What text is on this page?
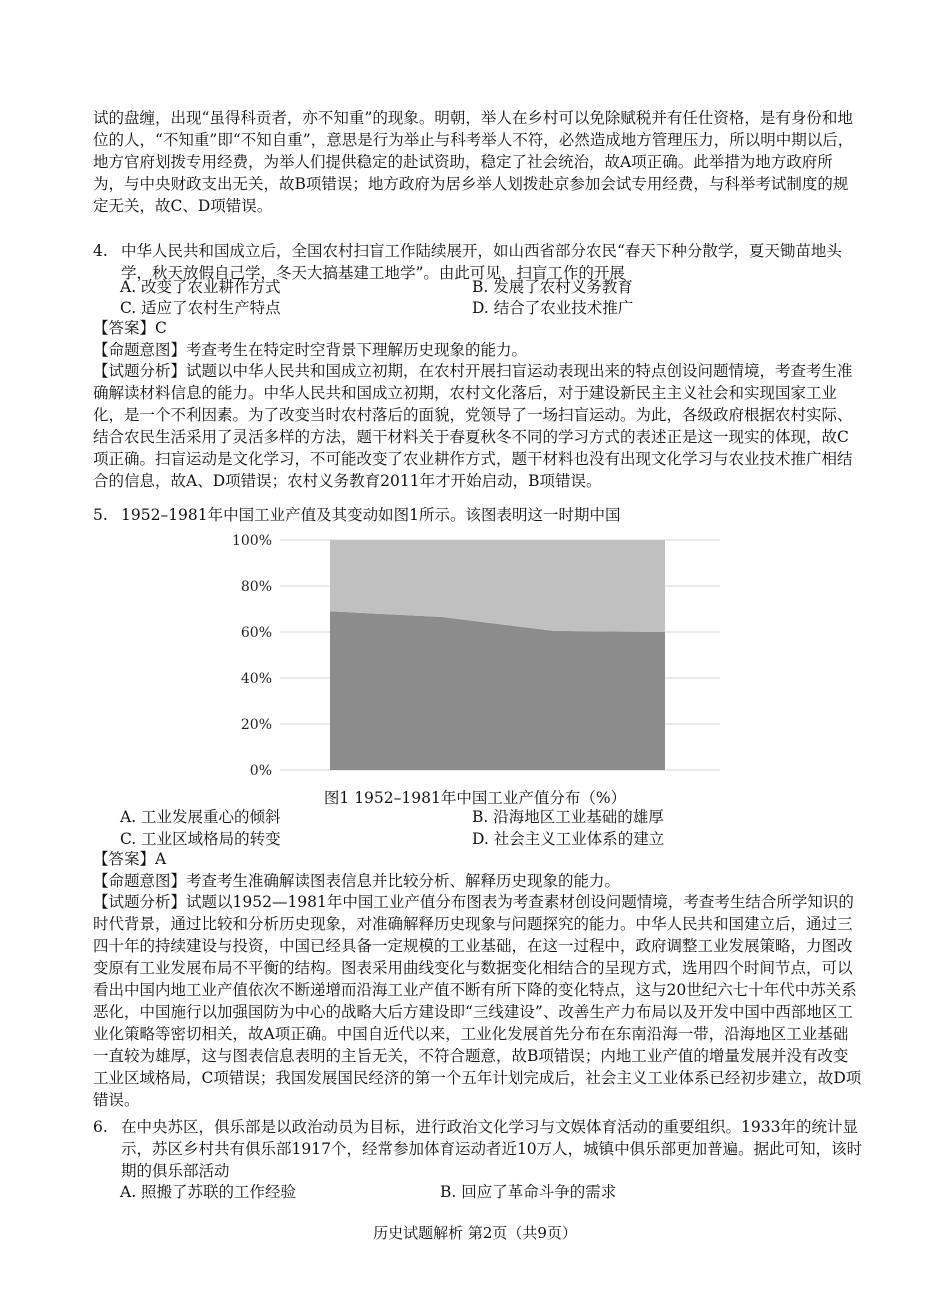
试的盘缠，出现“虽得科贡者，亦不知重”的现象。明朝，举人在乡村可以免除赋税并有任仕资格，是有身份和地位的人，“不知重”即“不知自重”，意思是行为举止与科考举人不符，必然造成地方管理压力，所以明中期以后，地方官府划拨专用经费，为举人们提供稳定的赴试资助，稳定了社会统治，故A项正确。此举措为地方政府所为，与中央财政支出无关，故B项错误；地方政府为居乡举人划拨赴京参加会试专用经费，与科举考试制度的规定无关，故C、D项错误。

4. 中华人民共和国成立后，全国农村扫盲工作陆续展开，如山西省部分农民“春天下种分散学，夏天锄苗地头学，秋天放假自己学，冬天大搞基建工地学”。由此可见，扫盲工作的开展
A. 改变了农业耕作方式	B. 发展了农村义务教育
C. 适应了农村生产特点	D. 结合了农业技术推广
【答案】C
【命题意图】考查考生在特定时空背景下理解历史现象的能力。

【试题分析】试题以中华人民共和国成立初期，在农村开展扫盲运动表现出来的特点创设问题情境，考查考生准确解读材料信息的能力。中华人民共和国成立初期，农村文化落后，对于建设新民主主义社会和实现国家工业化，是一个不利因素。为了改变当时农村落后的面貌，党领导了一场扫盲运动。为此，各级政府根据农村实际、结合农民生活采用了灵活多样的方法，题干材料关于春夏秋冬不同的学习方式的表述正是这一现实的体现，故C项正确。扫盲运动是文化学习，不可能改变了农业耕作方式，题干材料也没有出现文化学习与农业技术推广相结合的信息，故A、D项错误；农村义务教育2011年才开始启动，B项错误。

5. 1952–1981年中国工业产值及其变动如图1所示。该图表明这一时期中国
100%
80%
60%
40%
20%
0%
图1 1952–1981年中国工业产值分布（%）
A. 工业发展重心的倾斜	B. 沿海地区工业基础的雄厚
C. 工业区域格局的转变	D. 社会主义工业体系的建立
【答案】A
【命题意图】考查考生准确解读图表信息并比较分析、解释历史现象的能力。

【试题分析】试题以1952—1981年中国工业产值分布图表为考查素材创设问题情境，考查考生结合所学知识的时代背景，通过比较和分析历史现象，对准确解释历史现象与问题探究的能力。中华人民共和国建立后，通过三四十年的持续建设与投资，中国已经具备一定规模的工业基础，在这一过程中，政府调整工业发展策略，力图改变原有工业发展布局不平衡的结构。图表采用曲线变化与数据变化相结合的呈现方式，选用四个时间节点，可以看出中国内地工业产值依次不断递增而沿海工业产值不断有所下降的变化特点，这与20世纪六七十年代中苏关系恶化，中国施行以加强国防为中心的战略大后方建设即“三线建设”、改善生产力布局以及开发中国中西部地区工业化策略等密切相关，故A项正确。中国自近代以来，工业化发展首先分布在东南沿海一带，沿海地区工业基础一直较为雄厚，这与图表信息表明的主旨无关，不符合题意，故B项错误；内地工业产值的增量发展并没有改变工业区域格局，C项错误；我国发展国民经济的第一个五年计划完成后，社会主义工业体系已经初步建立，故D项错误。

6. 在中央苏区，俱乐部是以政治动员为目标，进行政治文化学习与文娱体育活动的重要组织。1933年的统计显示，苏区乡村共有俱乐部1917个，经常参加体育运动者近10万人，城镇中俱乐部更加普遍。据此可知，该时期的俱乐部活动
A. 照搬了苏联的工作经验	B. 回应了革命斗争的需求
历史试题解析 第2页（共9页）
